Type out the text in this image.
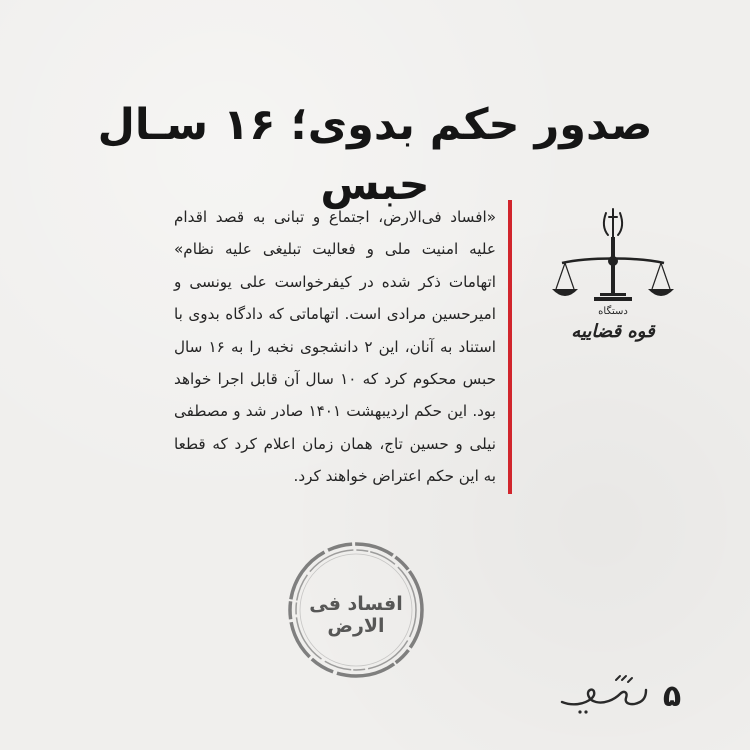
صدور حکم بدوی؛ ۱۶ سـال حبس
«افساد فی‌الارض، اجتماع و تبانی به قصد اقدام علیه امنیت ملی و فعالیت تبلیغی علیه نظام» اتهامات ذکر شده در کیفرخواست علی یونسی و امیرحسین مرادی است. اتهاماتی که دادگاه بدوی با استناد به آنان، این ۲ دانشجوی نخبه را به ۱۶ سال حبس محکوم کرد که ۱۰ سال آن قابل اجرا خواهد بود. این حکم اردیبهشت ۱۴۰۱ صادر شد و مصطفی نیلی و حسین تاج، همان زمان اعلام کرد که قطعا به این حکم اعتراض خواهند کرد.
دستگاه
قوه قضاییه
افساد فی الارض
۵
